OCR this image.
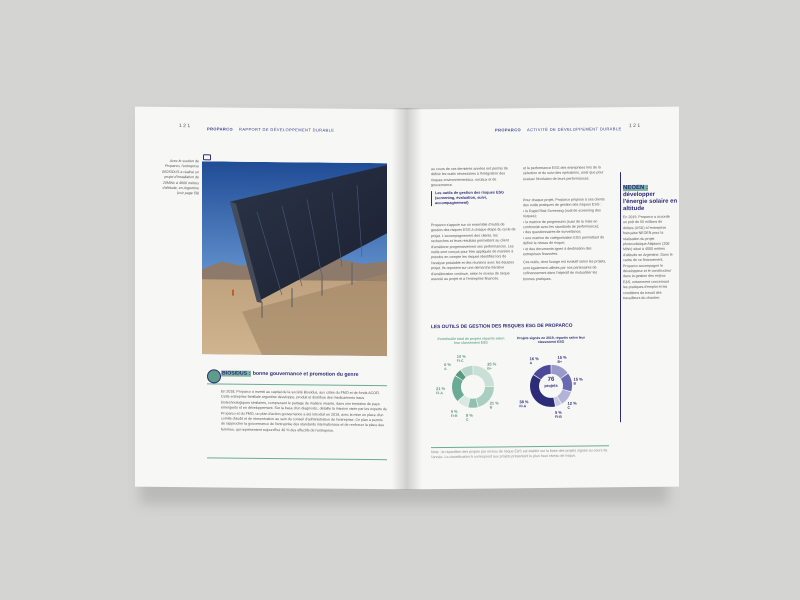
1 2 1	PROPARCO RAPPORT DE DÉVELOPPEMENT DURABLE
Avec le soutien de Proparco, l'entreprise BIOSIDUS a réalisé un projet d'installation de 20MWc à 4000 mètres d'altitude, en Argentine (voir page 59)
BIOSIDUS : bonne gouvernance et promotion du genre
En 2018, Proparco a investi au capital de la société Biosidus, aux côtés du FMO et de fonds ACOFI. Cette entreprise familiale argentine développe, produit et distribue des médicaments issus biotechnologiques similaires, comprenant le partage de matière vivante, dans une trentaine de pays émergents et en développement. Sur la base d'un diagnostic, détaille la mission visée par les experts de Proparco et du FMO, un plan d'action gouvernance a été introduit en 2019, avec la mise en place d'un comité d'audit et de rémunération au sein du conseil d'administration de l'entreprise. Ce plan a permis de rapprocher la gouvernance de l'entreprise des standards internationaux et de renforcer la place des femmes, qui représentent aujourd'hui 40 % des effectifs de l'entreprise.
PROPARCO ACTIVITÉ DE DÉVELOPPEMENT DURABLE
1 2 1
au cours de ces dernières années ont permis de définir les outils nécessaires à l'intégration des risques environnementaux, sociaux et de gouvernance.
Les outils de gestion des risques ESG (screening, évaluation, suivi, accompagnement)
Proparco s'appuie sur un ensemble d'outils de gestion des risques ESG à chaque étape du cycle de projet. L'accompagnement des clients, les recherches et leurs résultats permettent au client d'améliorer progressivement ses performances. Les outils sont conçus pour être appliqués de manière à prendre en compte les risques identifiés lors de l'analyse préalable et des réunions avec les équipes projet. Ils reposent sur une démarche itérative d'amélioration continue, selon le niveau de risque associé au projet et à l'entreprise financée.
et la performance ESG des entreprises lors de la sélection et du suivi des opérations, ainsi que pour évaluer l'évolution de leurs performances.
Pour chaque projet, Proparco propose à ses clients des outils pratiques de gestion des risques ESG :
• le Rapid Risk Screening (outil de screening des risques);
• la matrice de progression (suivi de la mise en conformité avec les standards de performance);
• des questionnaires de surveillance;
• une matrice de catégorisation ESG permettant de définir le niveau de risque;
• et des documents types à destination des entreprises financées.
Ces outils, dont l'usage est évolutif selon les projets, sont également utilisés par nos partenaires de cofinancement dans l'objectif de mutualiser les bonnes pratiques.
LES OUTILS DE GESTION DES RISQUES ESG DE PROPARCO
Portefeuille total de projets répartis selon leur classement ESG
Projets signés en 2019, répartis selon leur classement ESG
76
projets
25 %
B+
21 %
B
8 %
C
9 %
FI-B
21 %
FI-A
6 %
A
10 %
FI-C
15 %
B+
15 %
B
12 %
C
5 %
FI-B
38 %
FI-A
16 %
A
Note : la répartition des projets par niveau de risque E&S est établie sur la base des projets signés au cours de l'année. La classification A correspond aux projets présentant le plus haut niveau de risque.
NEOEN : développer l'énergie solaire en altitude
En 2019, Proparco a accordé un prêt de 55 millions de dollars (USD) à l'entreprise française NEOEN pour la réalisation du projet photovoltaïque Altiplano (208 MWc) situé à 4000 mètres d'altitude en Argentine. Dans le cadre de ce financement, Proparco accompagne le développeur et le constructeur dans la gestion des enjeux E&S, notamment concernant les pratiques d'emploi et les conditions de travail des travailleurs du chantier.
